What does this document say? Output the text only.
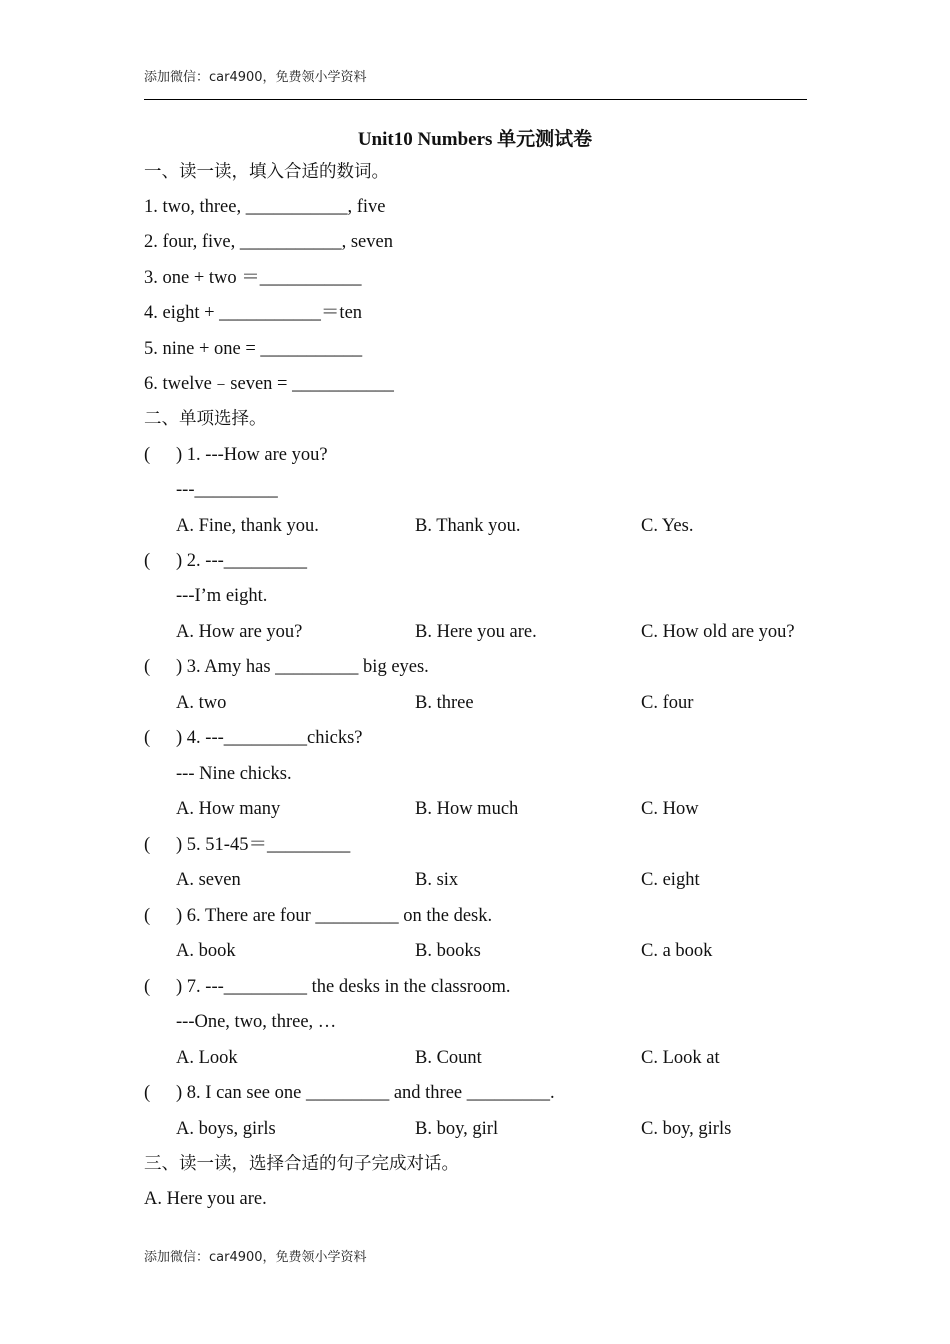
添加微信：car4900，免费领小学资料
Unit10 Numbers 单元测试卷
一、读一读，填入合适的数词。
1. two, three, ___________, five
2. four, five, ___________, seven
3. one + two ＝___________
4. eight + ___________＝ten
5. nine + one = ___________
6. twelve﹣seven = ___________
二、单项选择。
( ) 1. ---How are you?
---_________
A. Fine, thank you.	B. Thank you.	C. Yes.
( ) 2. ---_________
---I’m eight.
A. How are you?	B. Here you are.	C. How old are you?
( ) 3. Amy has _________ big eyes.
A. two	B. three	C. four
( ) 4. ---_________chicks?
--- Nine chicks.
A. How many	B. How much	C. How
( ) 5. 51-45＝_________
A. seven	B. six	C. eight
( ) 6. There are four _________ on the desk.
A. book	B. books	C. a book
( ) 7. ---_________ the desks in the classroom.
---One, two, three, …
A. Look	B. Count	C. Look at
( ) 8. I can see one _________ and three _________.
A. boys, girls	B. boy, girl	C. boy, girls
三、读一读，选择合适的句子完成对话。
A. Here you are.
添加微信：car4900，免费领小学资料
